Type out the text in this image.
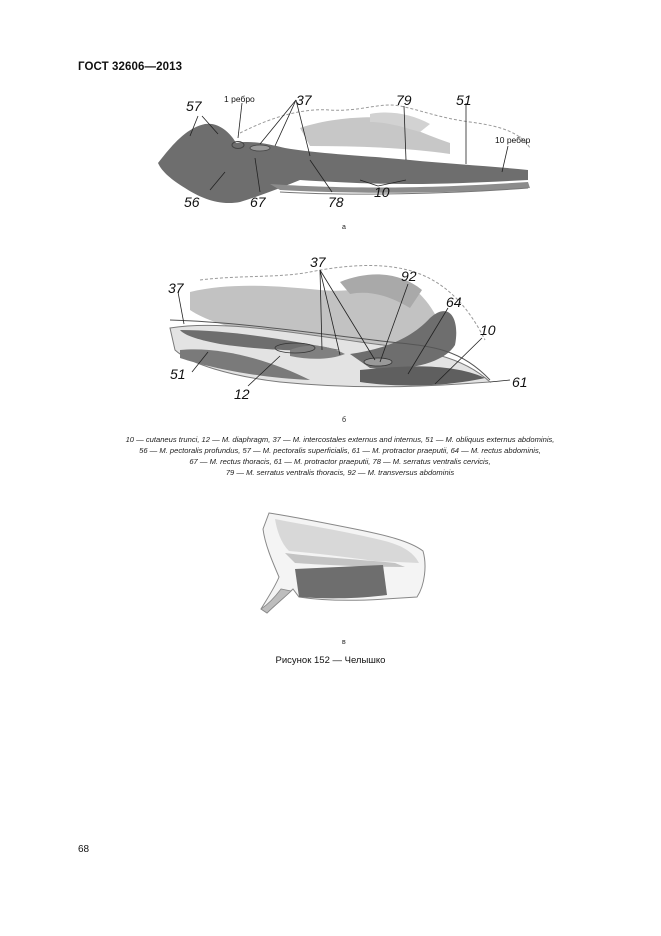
ГОСТ 32606—2013
57	1 ребро	37	79	51
10 ребер
56	67	78
10
а
37
37
92
64
10
51
12
61
б
10 — cutaneus trunci, 12 — M. diaphragm, 37 — M. intercostales externus and internus, 51 — M. obliquus externus abdominis,
56 — M. pectoralis profundus, 57 — M. pectoralis superficialis, 61 — M. protractor praeputii, 64 — M. rectus abdominis,
67 — M. rectus thoracis, 61 — M. protractor praeputii, 78 — M. serratus ventralis cervicis,
79 — M. serratus ventralis thoracis, 92 — M. transversus abdominis
в
Рисунок 152 — Челышко
68
